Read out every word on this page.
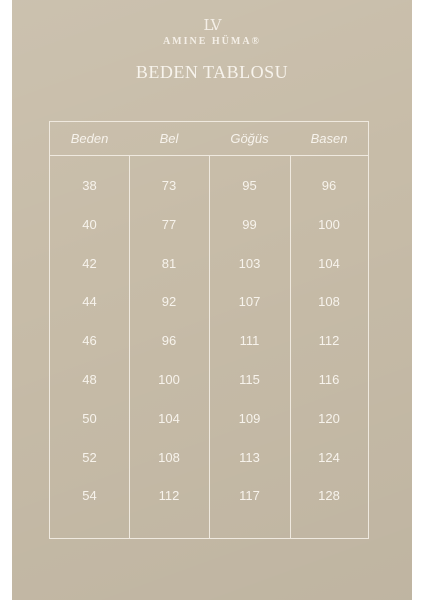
LV
AMINE HÜMA®
BEDEN TABLOSU
Beden	Bel	Göğüs	Basen
38	73	95	96
40	77	99	100
42	81	103	104
44	92	107	108
46	96	111	112
48	100	115	116
50	104	109	120
52	108	113	124
54	112	117	128
